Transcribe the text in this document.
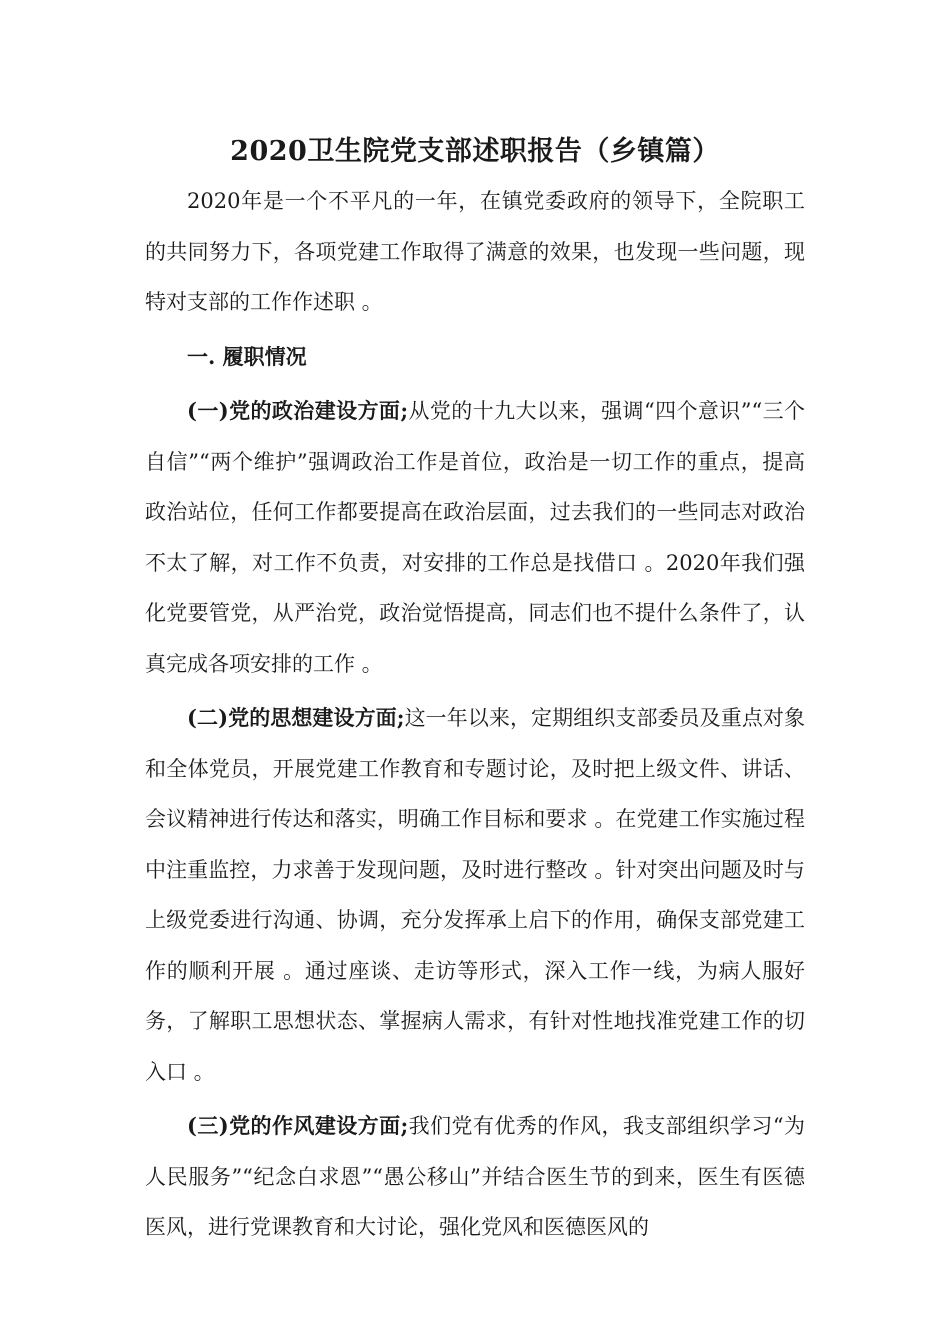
2020卫生院党支部述职报告（乡镇篇）

2020年是一个不平凡的一年，在镇党委政府的领导下，全院职工的共同努力下，各项党建工作取得了满意的效果，也发现一些问题，现特对支部的工作作述职 。

一. 履职情况

(一)党的政治建设方面;从党的十九大以来，强调“四个意识”“三个自信”“两个维护”强调政治工作是首位，政治是一切工作的重点，提高政治站位，任何工作都要提高在政治层面，过去我们的一些同志对政治不太了解，对工作不负责，对安排的工作总是找借口 。2020年我们强化党要管党，从严治党，政治觉悟提高，同志们也不提什么条件了，认真完成各项安排的工作 。

(二)党的思想建设方面;这一年以来，定期组织支部委员及重点对象和全体党员，开展党建工作教育和专题讨论，及时把上级文件、讲话、会议精神进行传达和落实，明确工作目标和要求 。在党建工作实施过程中注重监控，力求善于发现问题，及时进行整改 。针对突出问题及时与上级党委进行沟通、协调，充分发挥承上启下的作用，确保支部党建工作的顺利开展 。通过座谈、走访等形式，深入工作一线，为病人服好务，了解职工思想状态、掌握病人需求，有针对性地找准党建工作的切入口 。

(三)党的作风建设方面;我们党有优秀的作风，我支部组织学习“为人民服务”“纪念白求恩”“愚公移山”并结合医生节的到来，医生有医德医风，进行党课教育和大讨论，强化党风和医德医风的
